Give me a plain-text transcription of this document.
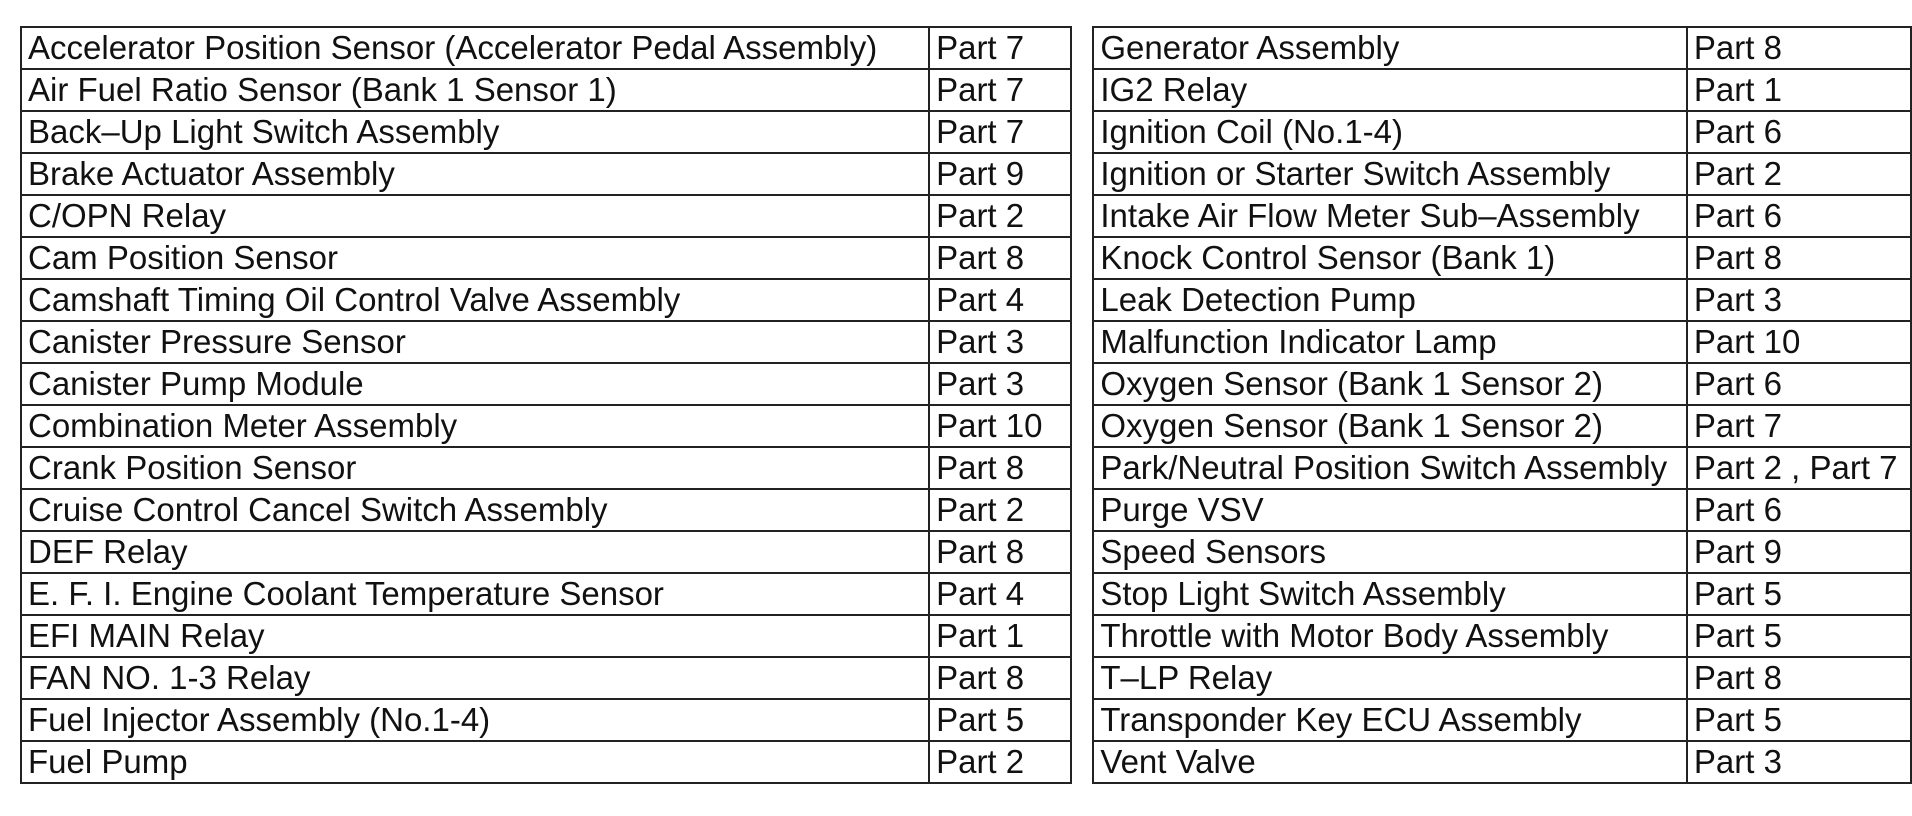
Accelerator Position Sensor (Accelerator Pedal Assembly)	Part 7		Generator Assembly	Part 8
Air Fuel Ratio Sensor (Bank 1 Sensor 1)	Part 7		IG2 Relay	Part 1
Back–Up Light Switch Assembly	Part 7		Ignition Coil (No.1-4)	Part 6
Brake Actuator Assembly	Part 9		Ignition or Starter Switch Assembly	Part 2
C/OPN Relay	Part 2		Intake Air Flow Meter Sub–Assembly	Part 6
Cam Position Sensor	Part 8		Knock Control Sensor (Bank 1)	Part 8
Camshaft Timing Oil Control Valve Assembly	Part 4		Leak Detection Pump	Part 3
Canister Pressure Sensor	Part 3		Malfunction Indicator Lamp	Part 10
Canister Pump Module	Part 3		Oxygen Sensor (Bank 1 Sensor 2)	Part 6
Combination Meter Assembly	Part 10		Oxygen Sensor (Bank 1 Sensor 2)	Part 7
Crank Position Sensor	Part 8		Park/Neutral Position Switch Assembly	Part 2 , Part 7
Cruise Control Cancel Switch Assembly	Part 2		Purge VSV	Part 6
DEF Relay	Part 8		Speed Sensors	Part 9
E. F. I. Engine Coolant Temperature Sensor	Part 4		Stop Light Switch Assembly	Part 5
EFI MAIN Relay	Part 1		Throttle with Motor Body Assembly	Part 5
FAN NO. 1-3 Relay	Part 8		T–LP Relay	Part 8
Fuel Injector Assembly (No.1-4)	Part 5		Transponder Key ECU Assembly	Part 5
Fuel Pump	Part 2		Vent Valve	Part 3
